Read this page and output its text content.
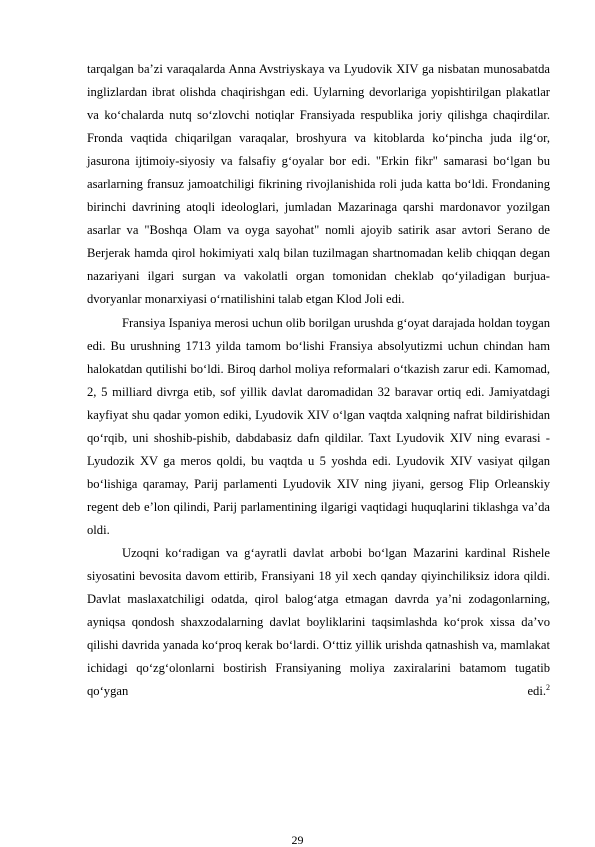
tarqalgan ba’zi varaqalarda Anna Avstriyskaya va Lyudovik XIV ga nisbatan munosabatda inglizlardan ibrat olishda chaqirishgan edi. Uylarning devorlariga yopishtirilgan plakatlar va ko‘chalarda nutq so‘zlovchi notiqlar Fransiyada respublika joriy qilishga chaqirdilar. Fronda vaqtida chiqarilgan varaqalar, broshyura va kitoblarda ko‘pincha juda ilg‘or, jasurona ijtimoiy-siyosiy va falsafiy g‘oyalar bor edi. "Erkin fikr" samarasi bo‘lgan bu asarlarning fransuz jamoatchiligi fikrining rivojlanishida roli juda katta bo‘ldi. Frondaning birinchi davrining atoqli ideologlari, jumladan Mazarinaga qarshi mardonavor yozilgan asarlar va "Boshqa Olam va oyga sayohat" nomli ajoyib satirik asar avtori Serano de Berjerak hamda qirol hokimiyati xalq bilan tuzilmagan shartnomadan kelib chiqqan degan nazariyani ilgari surgan va vakolatli organ tomonidan cheklab qo‘yiladigan burjua-dvoryanlar monarxiyasi o‘rnatilishini talab etgan Klod Joli edi.

Fransiya Ispaniya merosi uchun olib borilgan urushda g‘oyat darajada holdan toygan edi. Bu urushning 1713 yilda tamom bo‘lishi Fransiya absolyutizmi uchun chindan ham halokatdan qutilishi bo‘ldi. Biroq darhol moliya reformalari o‘tkazish zarur edi. Kamomad, 2, 5 milliard divrga etib, sof yillik davlat daromadidan 32 baravar ortiq edi. Jamiyatdagi kayfiyat shu qadar yomon ediki, Lyudovik XIV o‘lgan vaqtda xalqning nafrat bildirishidan qo‘rqib, uni shoshib-pishib, dabdabasiz dafn qildilar. Taxt Lyudovik XIV ning evarasi - Lyudozik XV ga meros qoldi, bu vaqtda u 5 yoshda edi. Lyudovik XIV vasiyat qilgan bo‘lishiga qaramay, Parij parlamenti Lyudovik XIV ning jiyani, gersog Flip Orleanskiy regent deb e’lon qilindi, Parij parlamentining ilgarigi vaqtidagi huquqlarini tiklashga va’da oldi.

Uzoqni ko‘radigan va g‘ayratli davlat arbobi bo‘lgan Mazarini kardinal Rishele siyosatini bevosita davom ettirib, Fransiyani 18 yil xech qanday qiyinchiliksiz idora qildi. Davlat maslaxatchiligi odatda, qirol balog‘atga etmagan davrda ya’ni zodagonlarning, ayniqsa qondosh shaxzodalarning davlat boyliklarini taqsimlashda ko‘prok xissa da’vo qilishi davrida yanada ko‘proq kerak bo‘lardi. O‘ttiz yillik urishda qatnashish va, mamlakat ichidagi qo‘zg‘olonlarni bostirish Fransiyaning moliya zaxiralarini batamom tugatib qo‘ygan edi.$^2$

29
